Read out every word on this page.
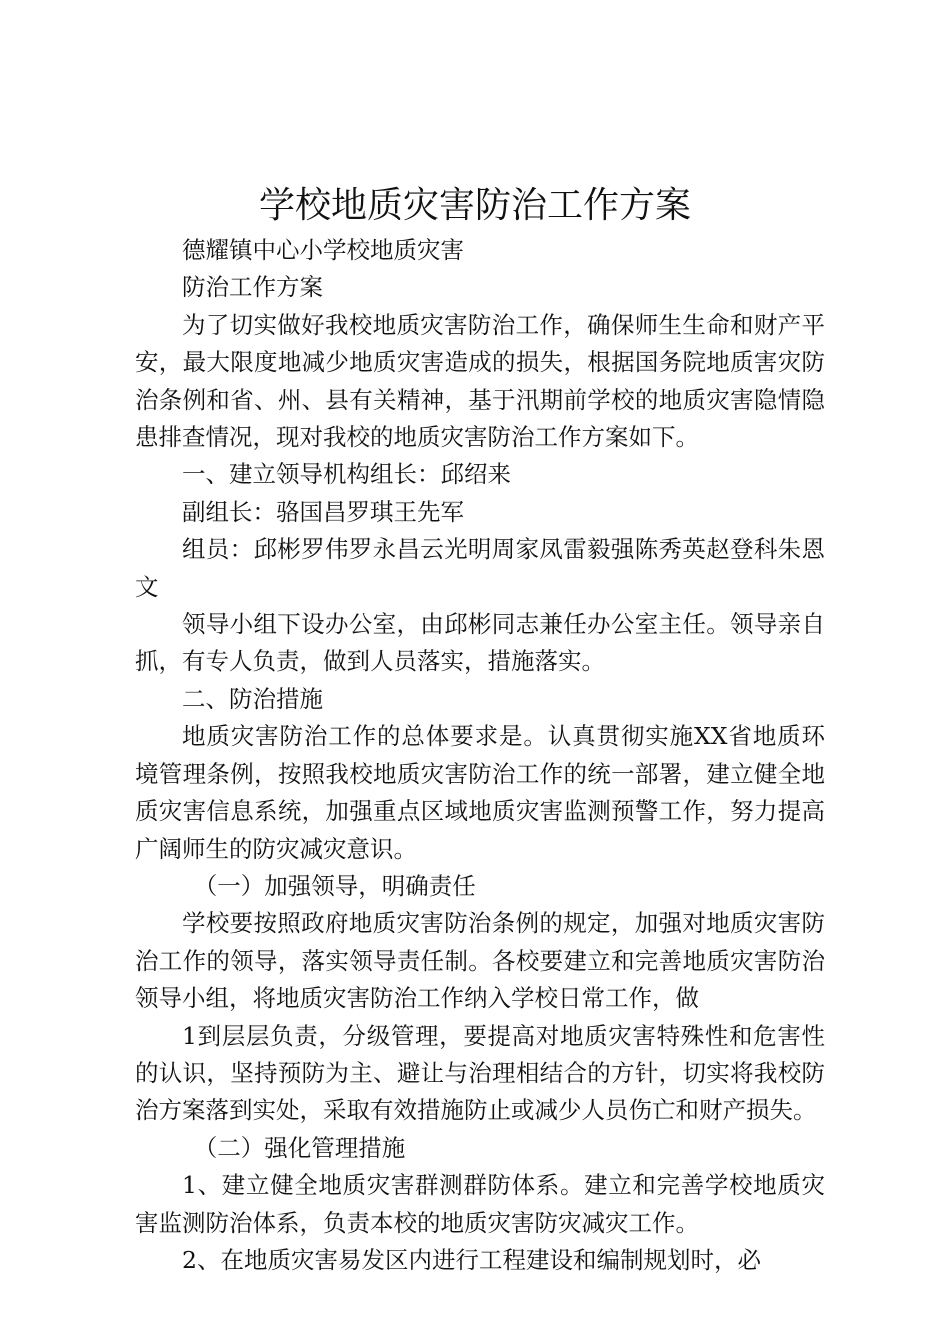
学校地质灾害防治工作方案

德耀镇中心小学校地质灾害

防治工作方案

为了切实做好我校地质灾害防治工作，确保师生生命和财产平安，最大限度地减少地质灾害造成的损失，根据国务院地质害灾防治条例和省、州、县有关精神，基于汛期前学校的地质灾害隐情隐患排查情况，现对我校的地质灾害防治工作方案如下。

一、建立领导机构组长：邱绍来

副组长：骆国昌罗琪王先军

组员：邱彬罗伟罗永昌云光明周家凤雷毅强陈秀英赵登科朱恩文

领导小组下设办公室，由邱彬同志兼任办公室主任。领导亲自抓，有专人负责，做到人员落实，措施落实。

二、防治措施

地质灾害防治工作的总体要求是。认真贯彻实施XX省地质环境管理条例，按照我校地质灾害防治工作的统一部署，建立健全地质灾害信息系统，加强重点区域地质灾害监测预警工作，努力提高广阔师生的防灾减灾意识。

（一）加强领导，明确责任

学校要按照政府地质灾害防治条例的规定，加强对地质灾害防治工作的领导，落实领导责任制。各校要建立和完善地质灾害防治领导小组，将地质灾害防治工作纳入学校日常工作，做

1到层层负责，分级管理，要提高对地质灾害特殊性和危害性的认识，坚持预防为主、避让与治理相结合的方针，切实将我校防治方案落到实处，采取有效措施防止或减少人员伤亡和财产损失。

（二）强化管理措施

1、建立健全地质灾害群测群防体系。建立和完善学校地质灾害监测防治体系，负责本校的地质灾害防灾减灾工作。

2、在地质灾害易发区内进行工程建设和编制规划时，必
